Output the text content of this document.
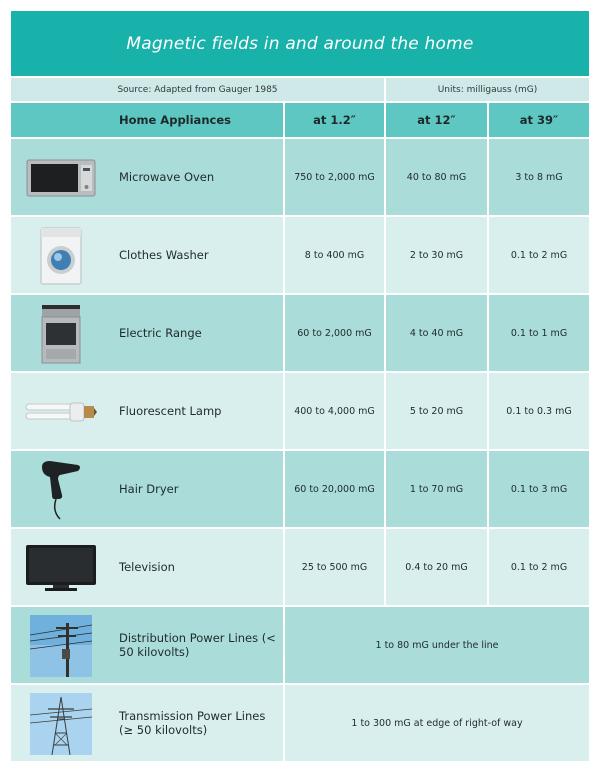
Magnetic fields in and around the home
Source: Adapted from Gauger 1985	Units: milligauss (mG)
Home Appliances	at 1.2″	at 12″	at 39″
Microwave Oven	750 to 2,000 mG	40 to 80 mG	3 to 8 mG
Clothes Washer	8 to 400 mG	2 to 30 mG	0.1 to 2 mG
Electric Range	60 to 2,000 mG	4 to 40 mG	0.1 to 1 mG
Fluorescent Lamp	400 to 4,000 mG	5 to 20 mG	0.1 to 0.3 mG
Hair Dryer	60 to 20,000 mG	1 to 70 mG	0.1 to 3 mG
Television	25 to 500 mG	0.4 to 20 mG	0.1 to 2 mG
Distribution Power Lines (< 50 kilovolts)	1 to 80 mG under the line
Transmission Power Lines (≥ 50 kilovolts)	1 to 300 mG at edge of right-of way
